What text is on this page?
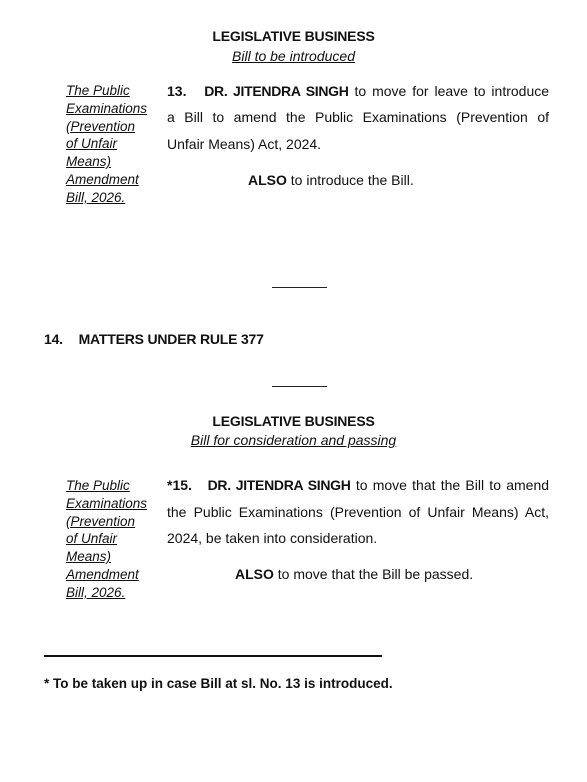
LEGISLATIVE BUSINESS
Bill to be introduced
The Public
Examinations
(Prevention
of Unfair
Means)
Amendment
Bill, 2026.
13. DR. JITENDRA SINGH to move for leave to introduce
a Bill to amend the Public Examinations (Prevention of
Unfair Means) Act, 2024.
ALSO to introduce the Bill.
14. MATTERS UNDER RULE 377
LEGISLATIVE BUSINESS
Bill for consideration and passing
The Public
Examinations
(Prevention
of Unfair
Means)
Amendment
Bill, 2026.
*15. DR. JITENDRA SINGH to move that the Bill to amend
the Public Examinations (Prevention of Unfair Means) Act,
2024, be taken into consideration.
ALSO to move that the Bill be passed.
* To be taken up in case Bill at sl. No. 13 is introduced.
